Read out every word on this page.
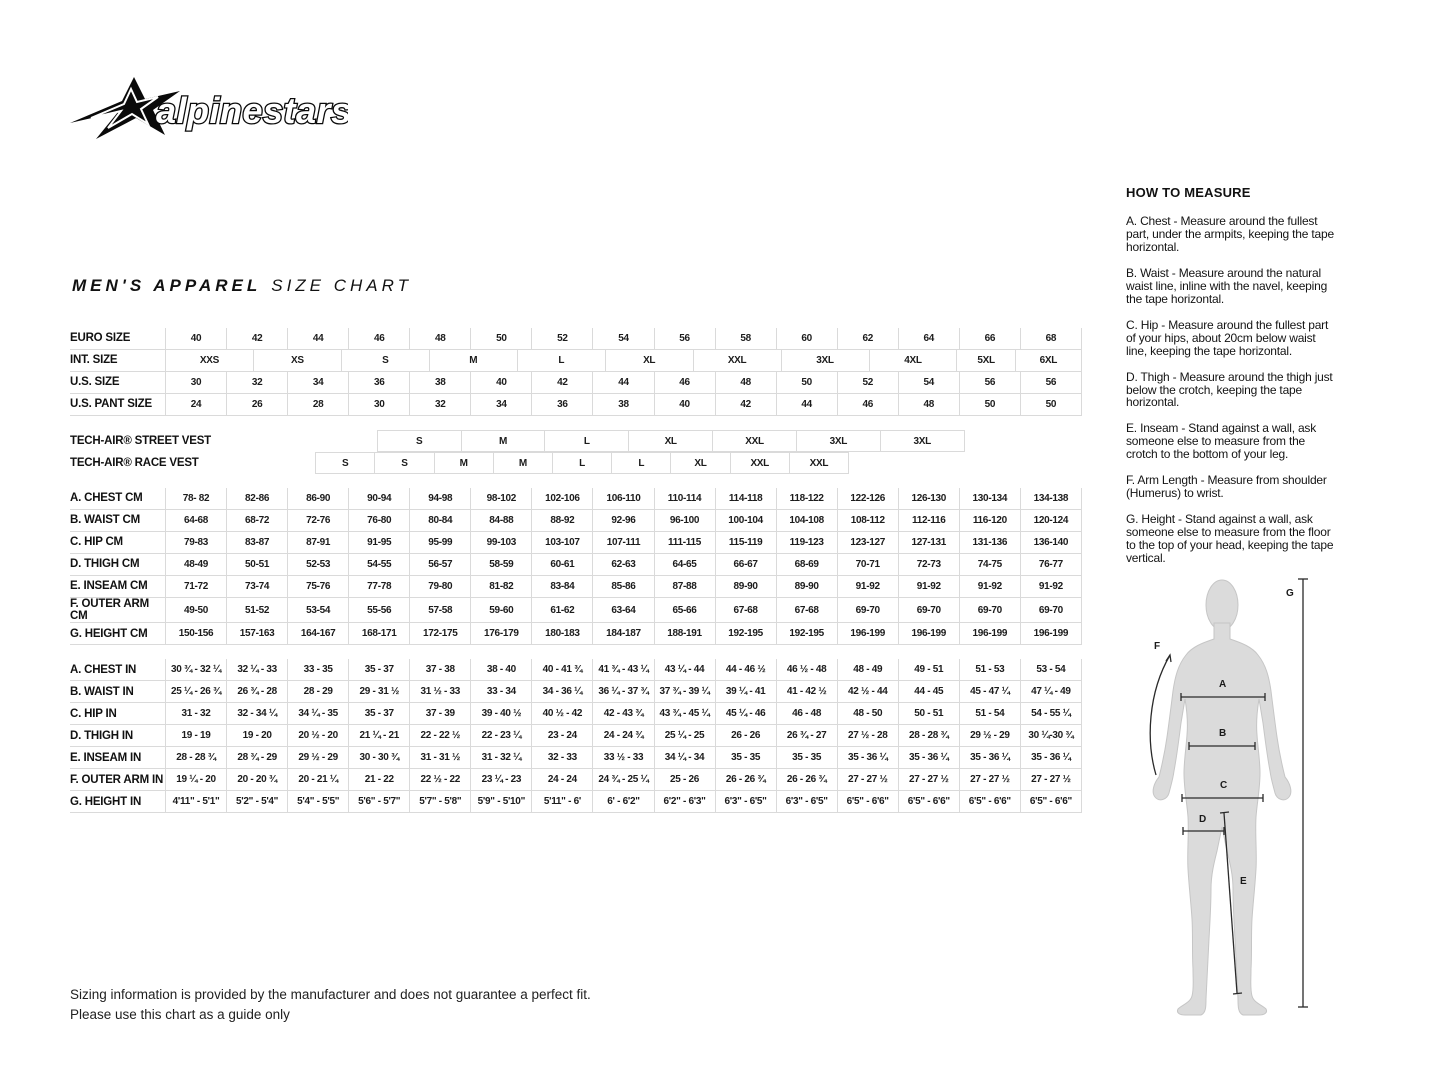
alpinestars
MEN'S APPAREL SIZE CHART
EURO SIZE	40	42	44	46	48	50	52	54	56	58	60	62	64	66	68
INT. SIZE	XXS	XS	S	M	L	XL	XXL	3XL	4XL	5XL	6XL
U.S. SIZE	30	32	34	36	38	40	42	44	46	48	50	52	54	56	56
U.S. PANT SIZE	24	26	28	30	32	34	36	38	40	42	44	46	48	50	50
TECH-AIR® STREET VEST	S	M	L	XL	XXL	3XL	3XL
TECH-AIR® RACE VEST	S	S	M	M	L	L	XL	XXL	XXL
A. CHEST CM	78- 82	82-86	86-90	90-94	94-98	98-102	102-106	106-110	110-114	114-118	118-122	122-126	126-130	130-134	134-138
B. WAIST CM	64-68	68-72	72-76	76-80	80-84	84-88	88-92	92-96	96-100	100-104	104-108	108-112	112-116	116-120	120-124
C. HIP CM	79-83	83-87	87-91	91-95	95-99	99-103	103-107	107-111	111-115	115-119	119-123	123-127	127-131	131-136	136-140
D. THIGH CM	48-49	50-51	52-53	54-55	56-57	58-59	60-61	62-63	64-65	66-67	68-69	70-71	72-73	74-75	76-77
E. INSEAM CM	71-72	73-74	75-76	77-78	79-80	81-82	83-84	85-86	87-88	89-90	89-90	91-92	91-92	91-92	91-92
F. OUTER ARM CM	49-50	51-52	53-54	55-56	57-58	59-60	61-62	63-64	65-66	67-68	67-68	69-70	69-70	69-70	69-70
G. HEIGHT CM	150-156	157-163	164-167	168-171	172-175	176-179	180-183	184-187	188-191	192-195	192-195	196-199	196-199	196-199	196-199
A. CHEST IN	30 ¾ - 32 ¼	32 ¼ - 33	33 - 35	35 - 37	37 - 38	38 - 40	40 - 41 ¾	41 ¾ - 43 ¼	43 ¼ - 44	44 - 46 ½	46 ½ - 48	48 - 49	49 - 51	51 - 53	53 - 54
B. WAIST IN	25 ¼ - 26 ¾	26 ¾ - 28	28 - 29	29 - 31 ½	31 ½ - 33	33 - 34	34 - 36 ¼	36 ¼ - 37 ¾	37 ¾ - 39 ¼	39 ¼ - 41	41 - 42 ½	42 ½ - 44	44 - 45	45 - 47 ¼	47 ¼ - 49
C. HIP IN	31 - 32	32 - 34 ¼	34 ¼ - 35	35 - 37	37 - 39	39 - 40 ½	40 ½ - 42	42 - 43 ¾	43 ¾ - 45 ¼	45 ¼ - 46	46 - 48	48 - 50	50 - 51	51 - 54	54 - 55 ¼
D. THIGH IN	19 - 19	19 - 20	20 ½ - 20	21 ¼ - 21	22 - 22 ½	22 - 23 ¼	23 - 24	24 - 24 ¾	25 ¼ - 25	26 - 26	26 ¾ - 27	27 ½ - 28	28 - 28 ¾	29 ½ - 29	30 ¼-30 ¾
E. INSEAM IN	28 - 28 ¾	28 ¾ - 29	29 ½ - 29	30 - 30 ¾	31 - 31 ½	31 - 32 ¼	32 - 33	33 ½ - 33	34 ¼ - 34	35 - 35	35 - 35	35 - 36 ¼	35 - 36 ¼	35 - 36 ¼	35 - 36 ¼
F. OUTER ARM IN	19 ¼ - 20	20 - 20 ¾	20 - 21 ¼	21 - 22	22 ½ - 22	23 ¼ - 23	24 - 24	24 ¾ - 25 ¼	25 - 26	26 - 26 ¾	26 - 26 ¾	27 - 27 ½	27 - 27 ½	27 - 27 ½	27 - 27 ½
G. HEIGHT IN	4'11" - 5'1"	5'2" - 5'4"	5'4" - 5'5"	5'6" - 5'7"	5'7" - 5'8"	5'9" - 5'10"	5'11" - 6'	6' - 6'2"	6'2" - 6'3"	6'3" - 6'5"	6'3" - 6'5"	6'5" - 6'6"	6'5" - 6'6"	6'5" - 6'6"	6'5" - 6'6"
HOW TO MEASURE

A. Chest - Measure around the fullest part, under the armpits, keeping the tape horizontal.

B. Waist - Measure around the natural waist line, inline with the navel, keeping the tape horizontal.

C. Hip - Measure around the fullest part of your hips, about 20cm below waist line, keeping the tape horizontal.

D. Thigh - Measure around the thigh just below the crotch, keeping the tape horizontal.

E. Inseam - Stand against a wall, ask someone else to measure from the crotch to the bottom of your leg.

F. Arm Length - Measure from shoulder (Humerus) to wrist.

G. Height - Stand against a wall, ask someone else to measure from the floor to the top of your head, keeping the tape vertical.

A
B
C
D
E
F
G
Sizing information is provided by the manufacturer and does not guarantee a perfect fit.
Please use this chart as a guide only
